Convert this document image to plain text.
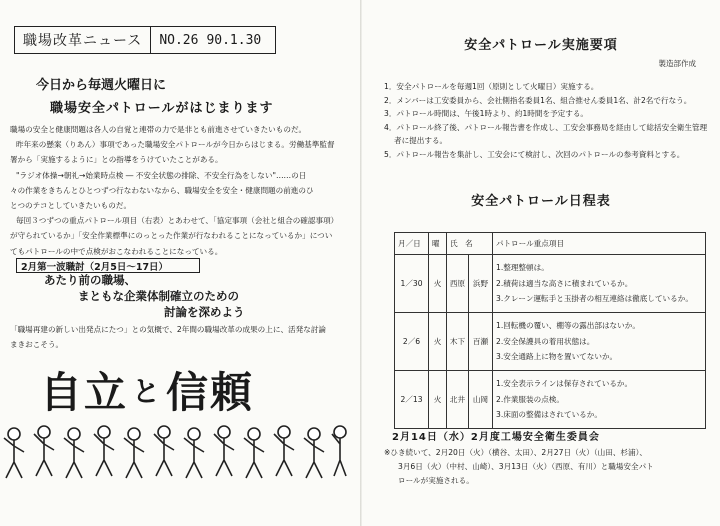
職場改革ニュース	NO.26 90.1.30
今日から毎週火曜日に
職場安全パトロールがはじまります

職場の安全と健康問題は各人の自覚と連帯の力で是非とも前進させていきたいものだ。

昨年来の懸案（りあん）事項であった職場安全パトロールが今日からはじまる。労働基準監督

署から「実施するように」との指導をうけていたことがある。

"ラジオ体操→朝礼→始業時点検 ― 不安全状態の排除、不安全行為をしない"……の日

々の作業をきちんとひとつずつ行なわないなから、職場安全を安全・健康問題の前進のひ

とつのテコとしていきたいものだ。

毎回３つずつの重点パトロール項目（右表）とあわせて、「協定事項（会社と組合の確認事項）

が守られているか」「安全作業標準にのっとった作業が行なわれることになっているか」につい

てもパトロールの中で点検がおこなわれることになっている。

2月第一波職討（2月5日～17日）
あたり前の職場、
まともな企業体制確立のための
討論を深めよう
「職場再建の新しい出発点にたつ」との気概で、2年間の職場改革の成果の上に、活発な討論
まきおこそう。
自立 と 信頼
安全パトロール実施要項
製造部作成
1．安全パトロールを毎週1回（原則として火曜日）実施する。
2．メンバーは工安委員から、会社側指名委員1名、組合推せん委員1名、計2名で行なう。
3．パトロール時間は、午後1時より、約1時間を予定する。
4．パトロール終了後、パトロール報告書を作成し、工安会事務局を経由して総括安全衛生管理者に提出する。
5．パトロール報告を集計し、工安会にて検討し、次回のパトロールの参考資料とする。
安全パトロール日程表
月／日	曜	氏　名		パトロール重点項目
1／30	火	西原	浜野	1.整理整頓は。
2.積荷は適当な高さに積まれているか。
3.クレーン運転手と玉掛者の相互連絡は徹底しているか。

2／6	火	木下	百瀬	1.回転機の覆い、棚等の露出部はないか。
2.安全保護具の着用状態は。
3.安全通路上に物を置いてないか。

2／13	火	北井	山岡	1.安全表示ラインは保存されているか。
2.作業服装の点検。
3.床面の整備はされているか。
2月14日（水）2月度工場安全衛生委員会
※ひき続いて、2月20日（火）（横谷、太田）、2月27日（火）（山田、杉浦）、
3月6日（火）（中村、山崎）、3月13日（火）（西原、有川）と職場安全パト
ロールが実施される。
